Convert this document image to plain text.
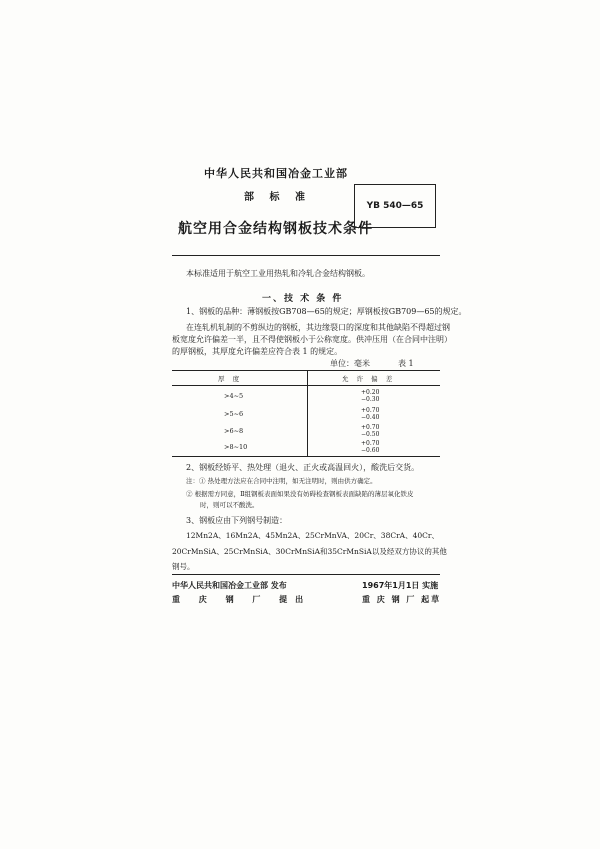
中华人民共和国冶金工业部
部 标 准
航空用合金结构钢板技术条件
YB 540—65
本标准适用于航空工业用热轧和冷轧合金结构钢板。
一、技 术 条 件
1、钢板的品种：薄钢板按GB708—65的规定；厚钢板按GB709—65的规定。
在连轧机轧制的不剪纵边的钢板，其边缘裂口的深度和其他缺陷不得超过钢
板宽度允许偏差一半，且不得使钢板小于公称宽度。供冲压用（在合同中注明）
的厚钢板，其厚度允许偏差应符合表 1 的规定。
单位：毫米	表 1
厚 度	允 许 偏 差
>4~5	+0.20
−0.30
>5~6	+0.70
−0.40
>6~8	+0.70
−0.50
>8~10	+0.70
−0.60
2、钢板经矫平、热处理（退火、正火或高温回火），酸洗后交货。
注：① 热处理方法应在合同中注明，如无注明时，则由供方确定。
② 根据需方同意，Ⅱ组钢板表面如果没有妨碍检查钢板表面缺陷的薄层氧化铁皮
时，则可以不酸洗。
3、钢板应由下列钢号制造：
12Mn2A、16Mn2A、45Mn2A、25CrMnVA、20Cr、38CrA、40Cr、
20CrMnSiA、25CrMnSiA、30CrMnSiA和35CrMnSiA以及经双方协议的其他
钢号。
中华人民共和国冶金工业部 发布	1967年1月1日 实施
重 庆 钢 厂 提出	重 庆 钢 厂 起草
